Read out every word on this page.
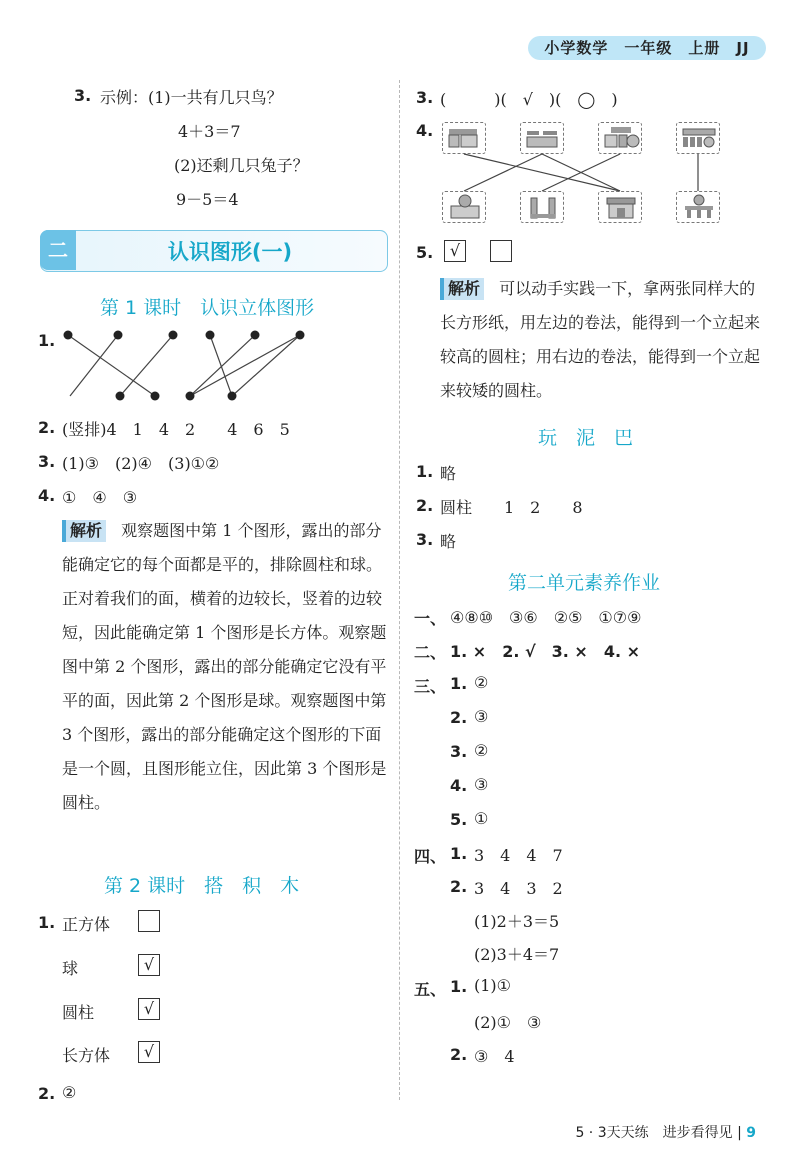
小学数学　一年级　上册　JJ
3. 示例：(1)一共有几只鸟？
4＋3＝7
(2)还剩几只兔子？
9－5＝4
二	认识图形(一)
第 1 课时　认识立体图形
1.
2. (竖排)4　1　4　2　　4　6　5
3. (1)③　(2)④　(3)①②
4. ①　④　③
解析 观察题图中第 1 个图形，露出的部分能确定它的每个面都是平的，排除圆柱和球。正对着我们的面，横着的边较长，竖着的边较短，因此能确定第 1 个图形是长方体。观察题图中第 2 个图形，露出的部分能确定它没有平平的面，因此第 2 个图形是球。观察题图中第 3 个图形，露出的部分能确定这个图形的下面是一个圆，且图形能立住，因此第 3 个图形是圆柱。
第 2 课时　搭　积　木
1. 正方体
球	√
圆柱	√
长方体	√
2. ②
3. (　　　)(　√　)(　◯　)
4.
5.	√
解析 可以动手实践一下，拿两张同样大的长方形纸，用左边的卷法，能得到一个立起来较高的圆柱；用右边的卷法，能得到一个立起来较矮的圆柱。
玩　泥　巴
1. 略
2. 圆柱　　1　2　　8
3. 略
第二单元素养作业
一、 ④⑧⑩　③⑥　②⑤　①⑦⑨
二、 1. ×　2. √　3. ×　4. ×
三、 1. ②
2. ③
3. ②
4. ③
5. ①
四、 1. 3　4　4　7
2. 3　4　3　2
(1)2＋3＝5
(2)3＋4＝7
五、 1. (1)①
(2)①　③
2. ③　4
5 · 3天天练　进步看得见 | 9
